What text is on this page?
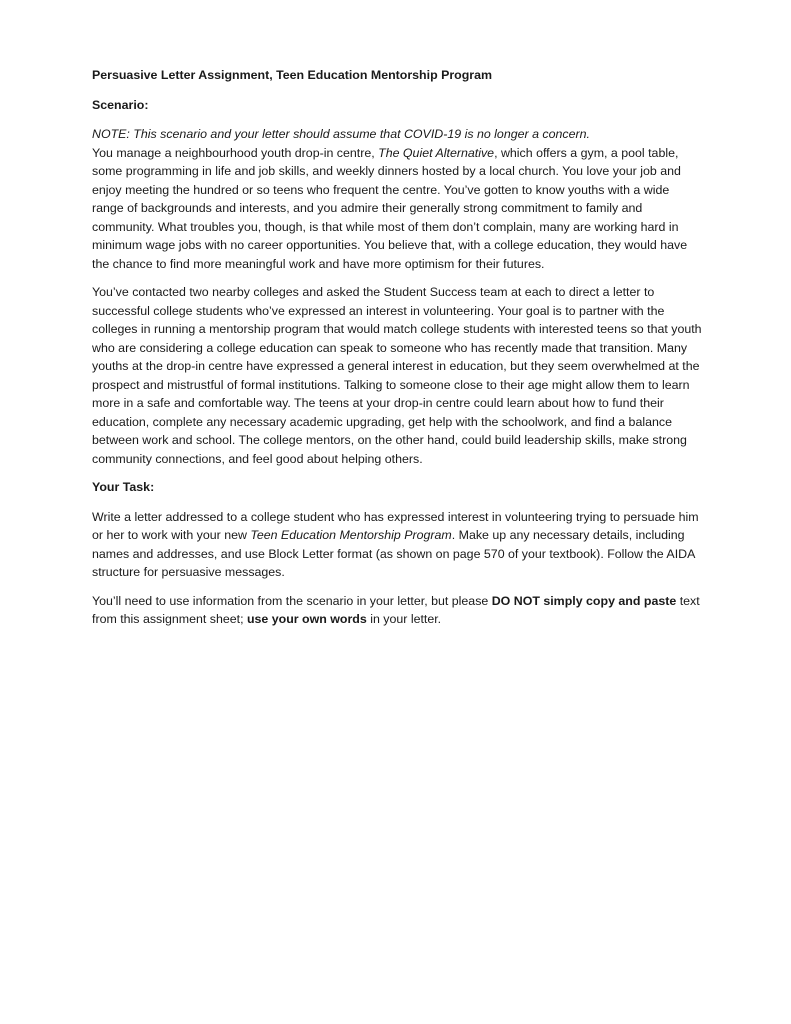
Persuasive Letter Assignment, Teen Education Mentorship Program

Scenario:

NOTE: This scenario and your letter should assume that COVID-19 is no longer a concern.

You manage a neighbourhood youth drop-in centre, The Quiet Alternative, which offers a gym, a pool table, some programming in life and job skills, and weekly dinners hosted by a local church. You love your job and enjoy meeting the hundred or so teens who frequent the centre. You’ve gotten to know youths with a wide range of backgrounds and interests, and you admire their generally strong commitment to family and community. What troubles you, though, is that while most of them don’t complain, many are working hard in minimum wage jobs with no career opportunities. You believe that, with a college education, they would have the chance to find more meaningful work and have more optimism for their futures.

You’ve contacted two nearby colleges and asked the Student Success team at each to direct a letter to successful college students who’ve expressed an interest in volunteering. Your goal is to partner with the colleges in running a mentorship program that would match college students with interested teens so that youth who are considering a college education can speak to someone who has recently made that transition. Many youths at the drop-in centre have expressed a general interest in education, but they seem overwhelmed at the prospect and mistrustful of formal institutions. Talking to someone close to their age might allow them to learn more in a safe and comfortable way. The teens at your drop-in centre could learn about how to fund their education, complete any necessary academic upgrading, get help with the schoolwork, and find a balance between work and school. The college mentors, on the other hand, could build leadership skills, make strong community connections, and feel good about helping others.

Your Task:

Write a letter addressed to a college student who has expressed interest in volunteering trying to persuade him or her to work with your new Teen Education Mentorship Program. Make up any necessary details, including names and addresses, and use Block Letter format (as shown on page 570 of your textbook). Follow the AIDA structure for persuasive messages.

You’ll need to use information from the scenario in your letter, but please DO NOT simply copy and paste text from this assignment sheet; use your own words in your letter.
